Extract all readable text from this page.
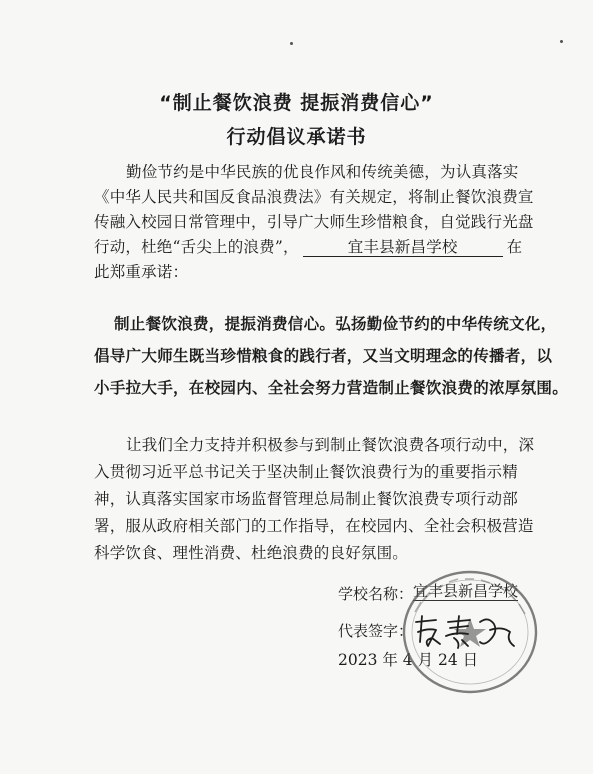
“制止餐饮浪费 提振消费信心”
行动倡议承诺书
勤俭节约是中华民族的优良作风和传统美德，为认真落实
《中华人民共和国反食品浪费法》有关规定，将制止餐饮浪费宣
传融入校园日常管理中，引导广大师生珍惜粮食，自觉践行光盘
行动，杜绝“舌尖上的浪费”，	宜丰县新昌学校	在
此郑重承诺：
制止餐饮浪费，提振消费信心。弘扬勤俭节约的中华传统文化，
倡导广大师生既当珍惜粮食的践行者，又当文明理念的传播者，以
小手拉大手，在校园内、全社会努力营造制止餐饮浪费的浓厚氛围。
让我们全力支持并积极参与到制止餐饮浪费各项行动中，深
入贯彻习近平总书记关于坚决制止餐饮浪费行为的重要指示精
神，认真落实国家市场监督管理总局制止餐饮浪费专项行动部
署，服从政府相关部门的工作指导，在校园内、全社会积极营造
科学饮食、理性消费、杜绝浪费的良好氛围。
学校名称： 宜丰县新昌学校
代表签字：
2023 年 4 月 24 日
